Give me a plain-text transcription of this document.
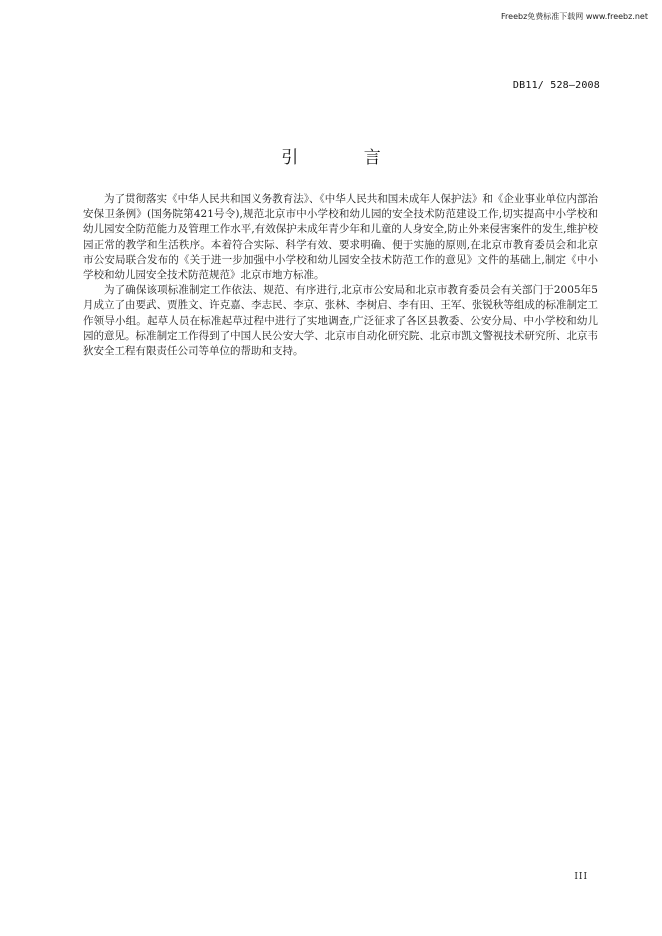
Freebz免费标准下载网 www.freebz.net
DB11/ 528—2008
引 言

为了贯彻落实《中华人民共和国义务教育法》、《中华人民共和国未成年人保护法》和《企业事业单位内部治安保卫条例》(国务院第421号令),规范北京市中小学校和幼儿园的安全技术防范建设工作,切实提高中小学校和幼儿园安全防范能力及管理工作水平,有效保护未成年青少年和儿童的人身安全,防止外来侵害案件的发生,维护校园正常的教学和生活秩序。本着符合实际、科学有效、要求明确、便于实施的原则,在北京市教育委员会和北京市公安局联合发布的《关于进一步加强中小学校和幼儿园安全技术防范工作的意见》文件的基础上,制定《中小学校和幼儿园安全技术防范规范》北京市地方标准。

为了确保该项标准制定工作依法、规范、有序进行,北京市公安局和北京市教育委员会有关部门于2005年5月成立了由要武、贾胜文、许克嘉、李志民、李京、张林、李树启、李有田、王军、张锐秋等组成的标准制定工作领导小组。起草人员在标准起草过程中进行了实地调查,广泛征求了各区县教委、公安分局、中小学校和幼儿园的意见。标准制定工作得到了中国人民公安大学、北京市自动化研究院、北京市凯文警视技术研究所、北京韦狄安全工程有限责任公司等单位的帮助和支持。

III
